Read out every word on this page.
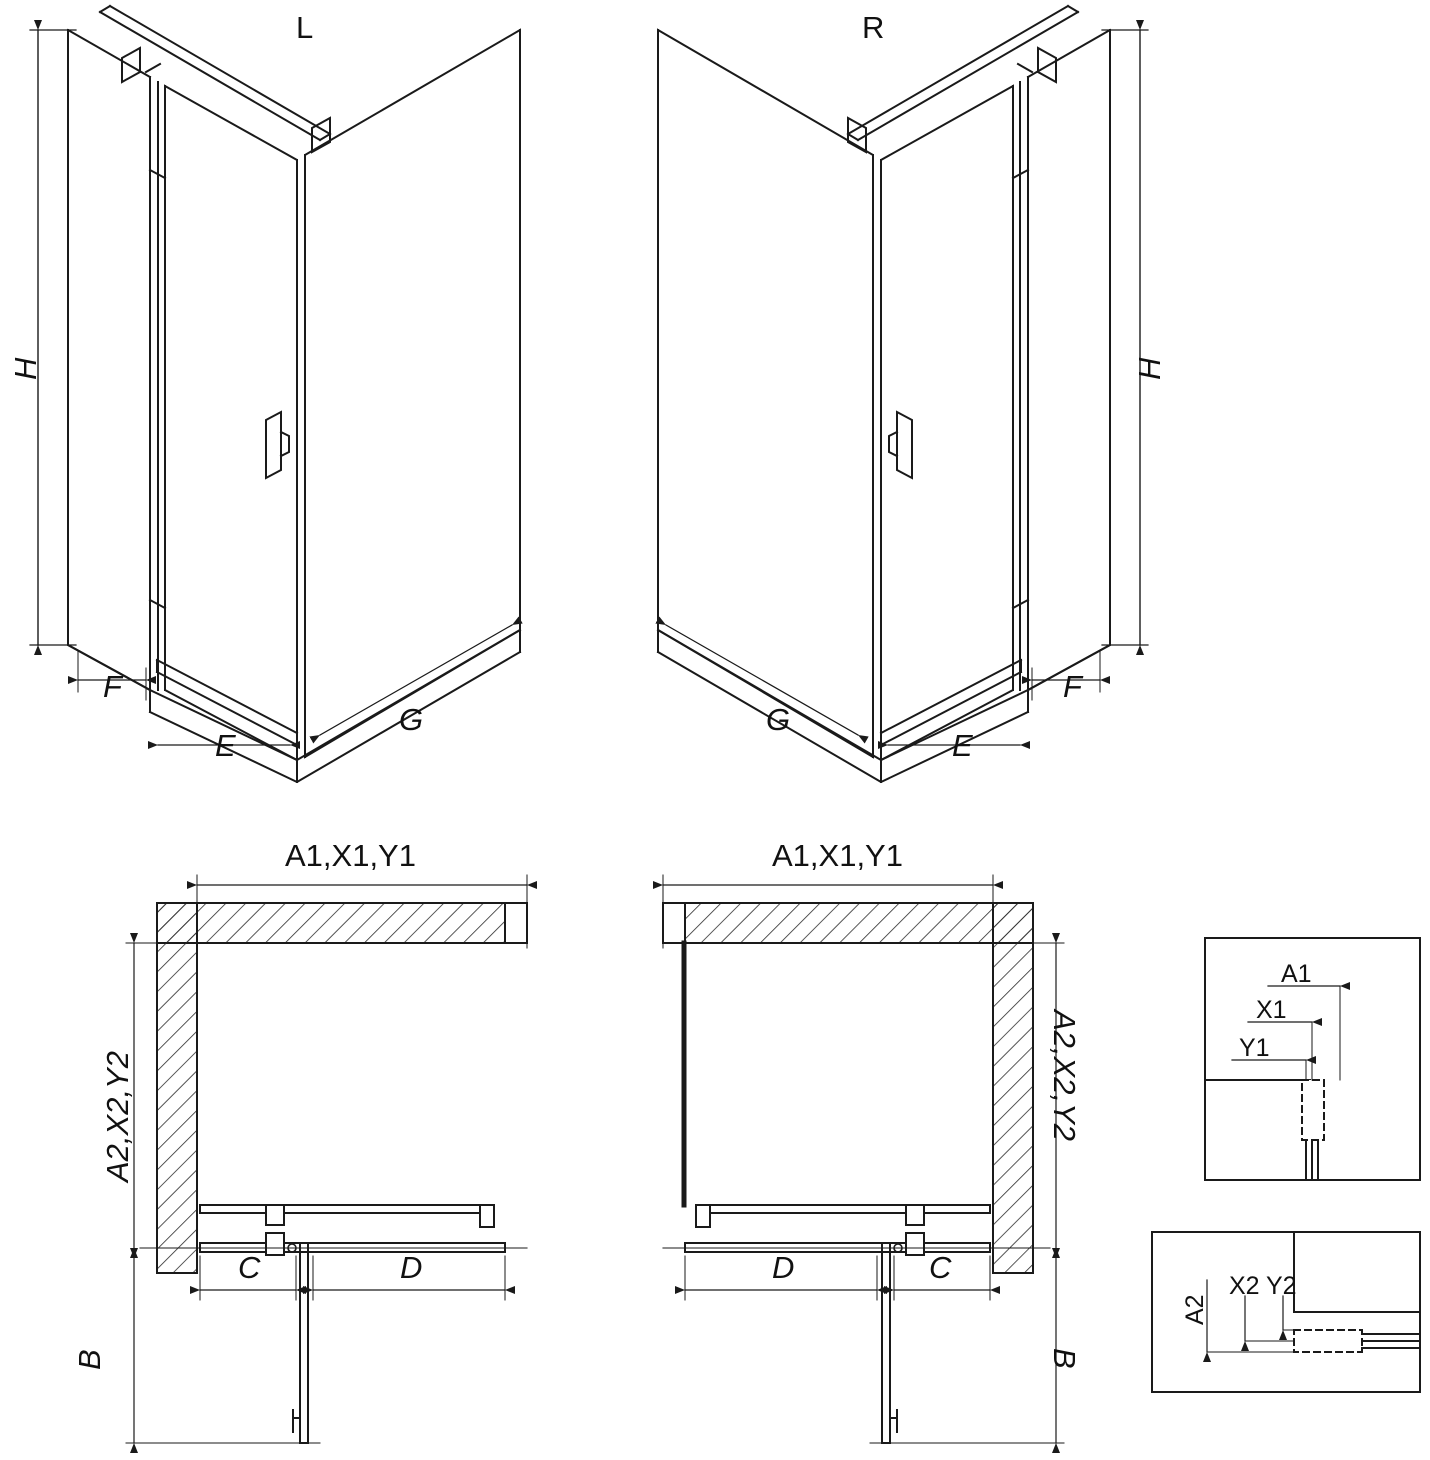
L	R
H	H
F
E
G
F
E
G
A1,X1,Y1	A1,X1,Y1
A2,X2,Y2	A2,X2,Y2
C	D
B
C
D
B
A1
X1
Y1
A2
X2 Y2
